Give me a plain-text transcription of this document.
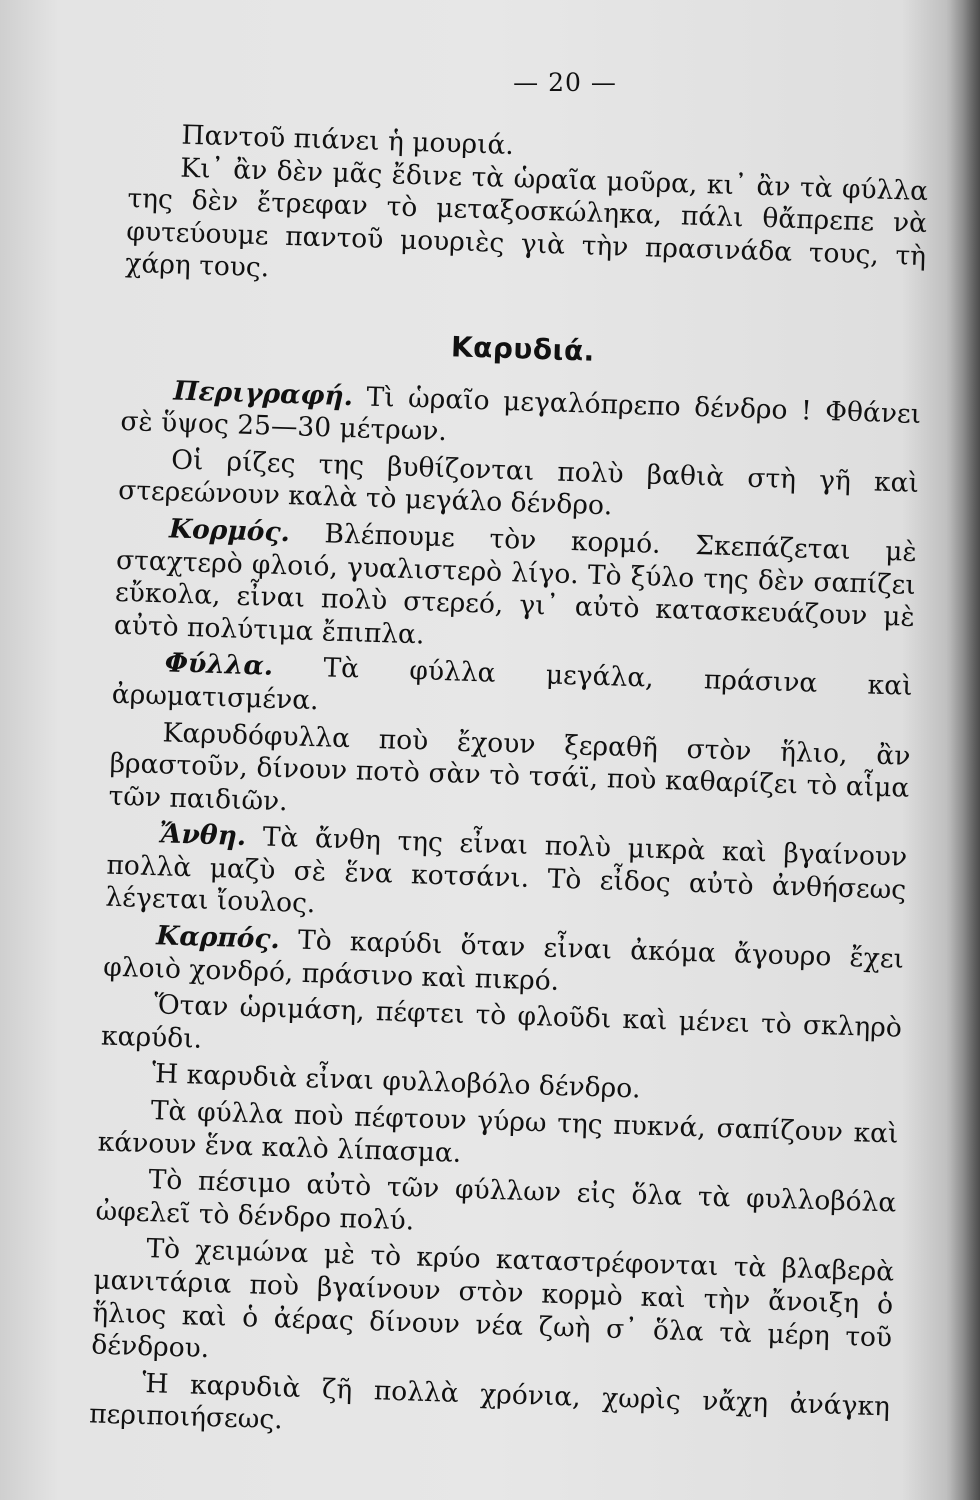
— 20 —

Παντοῦ πιάνει ἡ μουριά.

Κι᾽ ἂν δὲν μᾶς ἔδινε τὰ ὡραῖα μοῦρα, κι᾽ ἂν τὰ φύλλα της δὲν ἔτρεφαν τὸ μεταξοσκώληκα, πάλι θἄπρεπε νὰ φυτεύουμε παντοῦ μουριὲς γιὰ τὴν πρασινάδα τους, τὴ χάρη τους.

Καρυδιά.

Περιγραφή. Τὶ ὡραῖο μεγαλόπρεπο δένδρο ! Φθάνει σὲ ὕψος 25—30 μέτρων.

Οἱ ρίζες της βυθίζονται πολὺ βαθιὰ στὴ γῆ καὶ στερεώνουν καλὰ τὸ μεγάλο δένδρο.

Κορμός. Βλέπουμε τὸν κορμό. Σκεπάζεται μὲ σταχτερὸ φλοιό, γυαλιστερὸ λίγο. Τὸ ξύλο της δὲν σαπίζει εὔκολα, εἶναι πολὺ στερεό, γι᾽ αὐτὸ κατασκευάζουν μὲ αὐτὸ πολύτιμα ἔπιπλα.

Φύλλα. Τὰ φύλλα μεγάλα, πράσινα καὶ ἀρωματισμένα.

Καρυδόφυλλα ποὺ ἔχουν ξεραθῆ στὸν ἥλιο, ἂν βραστοῦν, δίνουν ποτὸ σὰν τὸ τσάϊ, ποὺ καθαρίζει τὸ αἷμα τῶν παιδιῶν.

Ἄνθη. Τὰ ἄνθη της εἶναι πολὺ μικρὰ καὶ βγαίνουν πολλὰ μαζὺ σὲ ἕνα κοτσάνι. Τὸ εἶδος αὐτὸ ἀνθήσεως λέγεται ἴουλος.

Καρπός. Τὸ καρύδι ὅταν εἶναι ἀκόμα ἄγουρο ἔχει φλοιὸ χονδρό, πράσινο καὶ πικρό.

Ὅταν ὡριμάση, πέφτει τὸ φλοῦδι καὶ μένει τὸ σκληρὸ καρύδι.

Ἡ καρυδιὰ εἶναι φυλλοβόλο δένδρο.

Τὰ φύλλα ποὺ πέφτουν γύρω της πυκνά, σαπίζουν καὶ κάνουν ἕνα καλὸ λίπασμα.

Τὸ πέσιμο αὐτὸ τῶν φύλλων εἰς ὅλα τὰ φυλλοβόλα ὠφελεῖ τὸ δένδρο πολύ.

Τὸ χειμώνα μὲ τὸ κρύο καταστρέφονται τὰ βλαβερὰ μανιτάρια ποὺ βγαίνουν στὸν κορμὸ καὶ τὴν ἄνοιξη ὁ ἥλιος καὶ ὁ ἀέρας δίνουν νέα ζωὴ σ᾽ ὅλα τὰ μέρη τοῦ δένδρου.

Ἡ καρυδιὰ ζῆ πολλὰ χρόνια, χωρὶς νἄχη ἀνάγκη περιποιήσεως.
